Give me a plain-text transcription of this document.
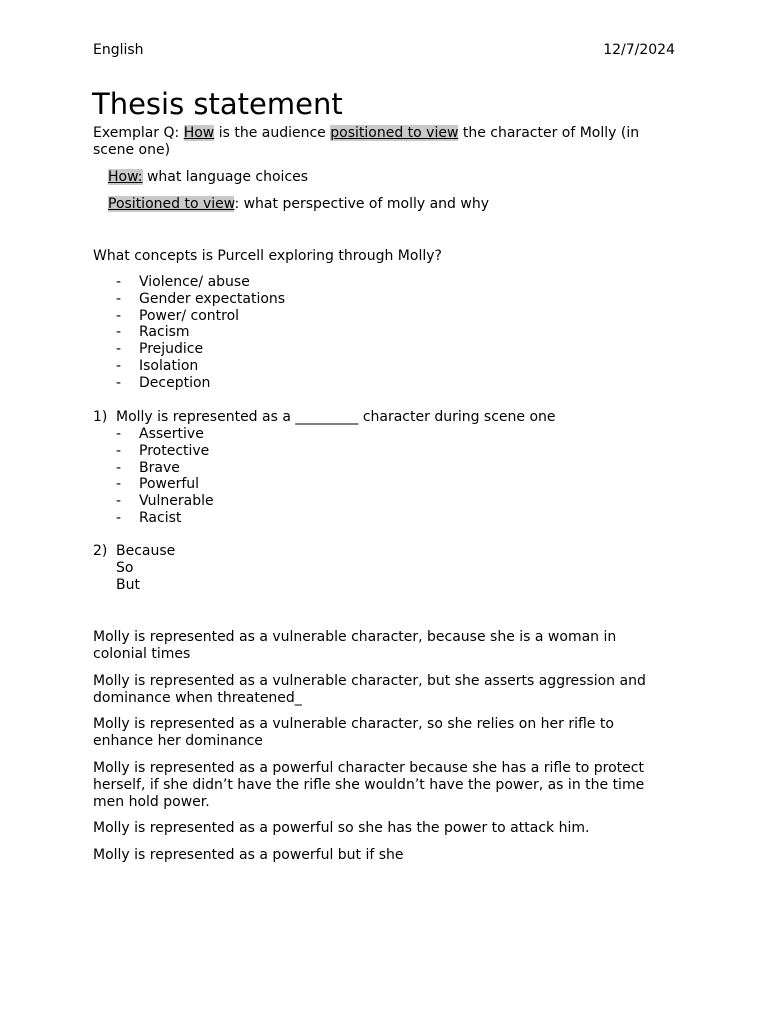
English	12/7/2024
Thesis statement
Exemplar Q: How is the audience positioned to view the character of Molly (in scene one)
How: what language choices
Positioned to view: what perspective of molly and why
What concepts is Purcell exploring through Molly?
- Violence/ abuse
- Gender expectations
- Power/ control
- Racism
- Prejudice
- Isolation
- Deception
1) Molly is represented as a _________ character during scene one
- Assertive
- Protective
- Brave
- Powerful
- Vulnerable
- Racist
2) Because
So
But
Molly is represented as a vulnerable character, because she is a woman in colonial times
Molly is represented as a vulnerable character, but she asserts aggression and dominance when threatened_
Molly is represented as a vulnerable character, so she relies on her rifle to enhance her dominance
Molly is represented as a powerful character because she has a rifle to protect herself, if she didn’t have the rifle she wouldn’t have the power, as in the time men hold power.
Molly is represented as a powerful so she has the power to attack him.
Molly is represented as a powerful but if she
